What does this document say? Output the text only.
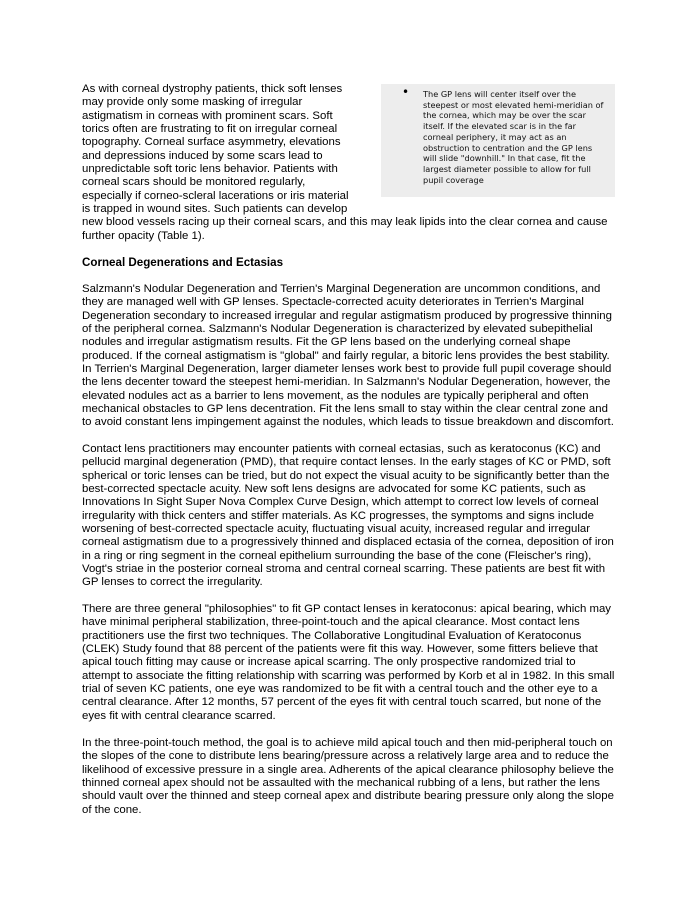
As with corneal dystrophy patients, thick soft lenses
may provide only some masking of irregular
astigmatism in corneas with prominent scars. Soft
torics often are frustrating to fit on irregular corneal
topography. Corneal surface asymmetry, elevations
and depressions induced by some scars lead to
unpredictable soft toric lens behavior. Patients with
corneal scars should be monitored regularly,
especially if corneo-scleral lacerations or iris material
is trapped in wound sites. Such patients can develop
new blood vessels racing up their corneal scars, and this may leak lipids into the clear cornea and cause
further opacity (Table 1).
• The GP lens will center itself over the
steepest or most elevated hemi-meridian of
the cornea, which may be over the scar
itself. If the elevated scar is in the far
corneal periphery, it may act as an
obstruction to centration and the GP lens
will slide "downhill." In that case, fit the
largest diameter possible to allow for full
pupil coverage
Corneal Degenerations and Ectasias
Salzmann's Nodular Degeneration and Terrien's Marginal Degeneration are uncommon conditions, and
they are managed well with GP lenses. Spectacle-corrected acuity deteriorates in Terrien's Marginal
Degeneration secondary to increased irregular and regular astigmatism produced by progressive thinning
of the peripheral cornea. Salzmann's Nodular Degeneration is characterized by elevated subepithelial
nodules and irregular astigmatism results. Fit the GP lens based on the underlying corneal shape
produced. If the corneal astigmatism is "global" and fairly regular, a bitoric lens provides the best stability.
In Terrien's Marginal Degeneration, larger diameter lenses work best to provide full pupil coverage should
the lens decenter toward the steepest hemi-meridian. In Salzmann's Nodular Degeneration, however, the
elevated nodules act as a barrier to lens movement, as the nodules are typically peripheral and often
mechanical obstacles to GP lens decentration. Fit the lens small to stay within the clear central zone and
to avoid constant lens impingement against the nodules, which leads to tissue breakdown and discomfort.
Contact lens practitioners may encounter patients with corneal ectasias, such as keratoconus (KC) and
pellucid marginal degeneration (PMD), that require contact lenses. In the early stages of KC or PMD, soft
spherical or toric lenses can be tried, but do not expect the visual acuity to be significantly better than the
best-corrected spectacle acuity. New soft lens designs are advocated for some KC patients, such as
Innovations In Sight Super Nova Complex Curve Design, which attempt to correct low levels of corneal
irregularity with thick centers and stiffer materials. As KC progresses, the symptoms and signs include
worsening of best-corrected spectacle acuity, fluctuating visual acuity, increased regular and irregular
corneal astigmatism due to a progressively thinned and displaced ectasia of the cornea, deposition of iron
in a ring or ring segment in the corneal epithelium surrounding the base of the cone (Fleischer's ring),
Vogt's striae in the posterior corneal stroma and central corneal scarring. These patients are best fit with
GP lenses to correct the irregularity.
There are three general "philosophies" to fit GP contact lenses in keratoconus: apical bearing, which may
have minimal peripheral stabilization, three-point-touch and the apical clearance. Most contact lens
practitioners use the first two techniques. The Collaborative Longitudinal Evaluation of Keratoconus
(CLEK) Study found that 88 percent of the patients were fit this way. However, some fitters believe that
apical touch fitting may cause or increase apical scarring. The only prospective randomized trial to
attempt to associate the fitting relationship with scarring was performed by Korb et al in 1982. In this small
trial of seven KC patients, one eye was randomized to be fit with a central touch and the other eye to a
central clearance. After 12 months, 57 percent of the eyes fit with central touch scarred, but none of the
eyes fit with central clearance scarred.
In the three-point-touch method, the goal is to achieve mild apical touch and then mid-peripheral touch on
the slopes of the cone to distribute lens bearing/pressure across a relatively large area and to reduce the
likelihood of excessive pressure in a single area. Adherents of the apical clearance philosophy believe the
thinned corneal apex should not be assaulted with the mechanical rubbing of a lens, but rather the lens
should vault over the thinned and steep corneal apex and distribute bearing pressure only along the slope
of the cone.
